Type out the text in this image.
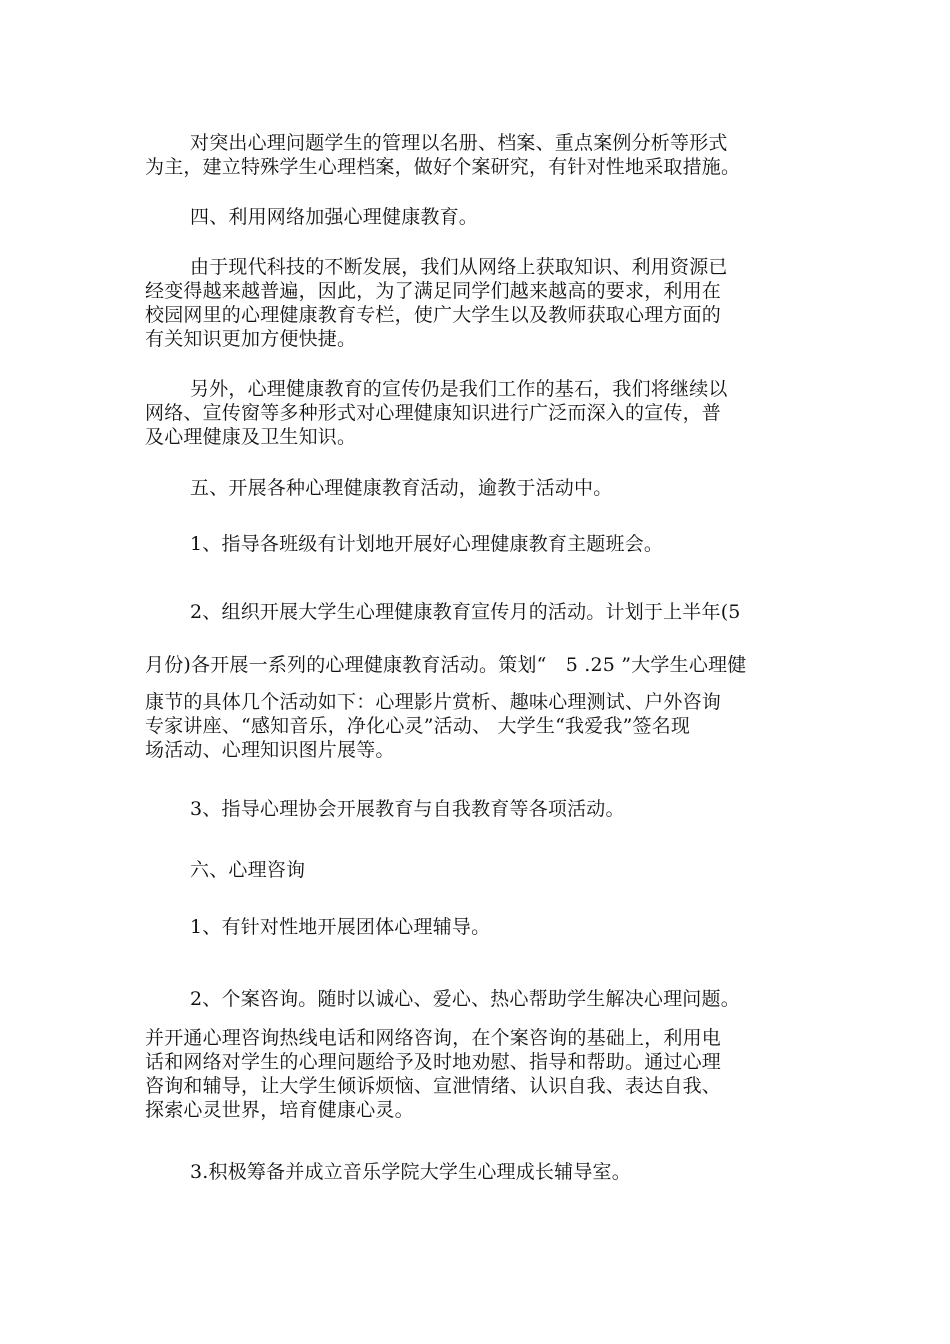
对突出心理问题学生的管理以名册、档案、重点案例分析等形式
为主，建立特殊学生心理档案，做好个案研究，有针对性地采取措施。
四、利用网络加强心理健康教育。
由于现代科技的不断发展，我们从网络上获取知识、利用资源已
经变得越来越普遍，因此，为了满足同学们越来越高的要求，利用在
校园网里的心理健康教育专栏，使广大学生以及教师获取心理方面的
有关知识更加方便快捷。
另外，心理健康教育的宣传仍是我们工作的基石，我们将继续以
网络、宣传窗等多种形式对心理健康知识进行广泛而深入的宣传，普
及心理健康及卫生知识。
五、开展各种心理健康教育活动，逾教于活动中。
1、指导各班级有计划地开展好心理健康教育主题班会。
2、组织开展大学生心理健康教育宣传月的活动。计划于上半年(5
月份)各开展一系列的心理健康教育活动。策划“　5 .25 ”大学生心理健
康节的具体几个活动如下：心理影片赏析、趣味心理测试、户外咨询
专家讲座、“感知音乐，净化心灵”活动、 大学生“我爱我”签名现
场活动、心理知识图片展等。
3、指导心理协会开展教育与自我教育等各项活动。
六、心理咨询
1、有针对性地开展团体心理辅导。
2、个案咨询。随时以诚心、爱心、热心帮助学生解决心理问题。
并开通心理咨询热线电话和网络咨询，在个案咨询的基础上，利用电
话和网络对学生的心理问题给予及时地劝慰、指导和帮助。通过心理
咨询和辅导，让大学生倾诉烦恼、宣泄情绪、认识自我、表达自我、
探索心灵世界，培育健康心灵。
3.积极筹备并成立音乐学院大学生心理成长辅导室。
